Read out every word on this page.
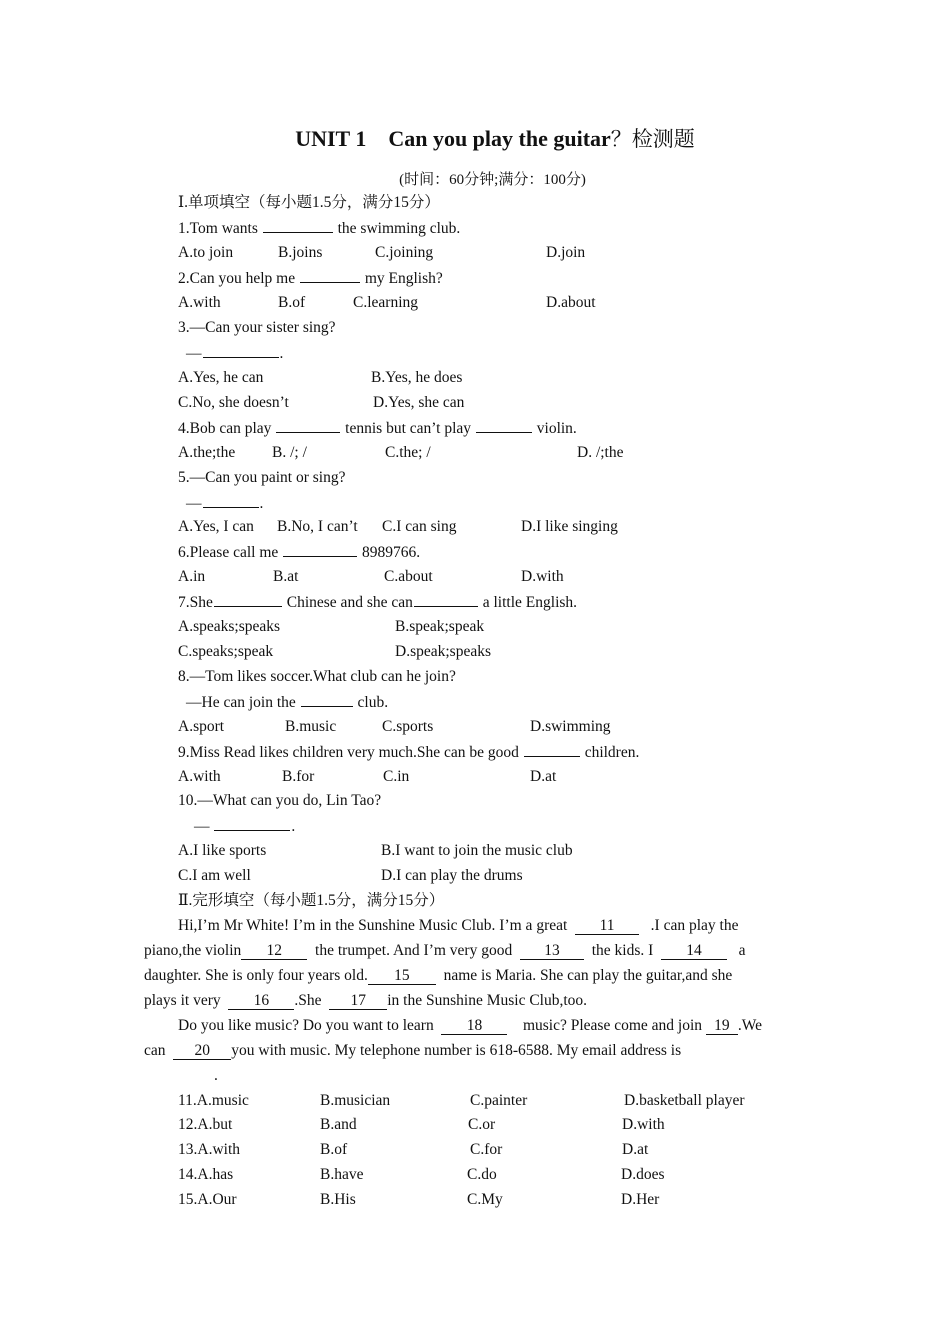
UNIT 1　Can you play the guitar？检测题
(时间：60分钟;满分：100分)
Ⅰ.单项填空（每小题1.5分，满分15分）
1.Tom wants	the swimming club.
A.to join	B.joins	C.joining	D.join
2.Can you help me	my English?
A.with	B.of	C.learning	D.about
3.—Can your sister sing?
—	.
A.Yes, he can	B.Yes, he does
C.No, she doesn’t	D.Yes, she can
4.Bob can play	tennis but can’t play	violin.
A.the;the B. /; /	C.the; /	D. /;the
5.—Can you paint or sing?
—	.
A.Yes, I can B.No, I can’t C.I can sing	D.I like singing
6.Please call me	8989766.
A.in	B.at	C.about	D.with
7.She	Chinese and she can	a little English.
A.speaks;speaks	B.speak;speak
C.speaks;speak	D.speak;speaks
8.—Tom likes soccer.What club can he join?
—He can join the	club.
A.sport	B.music	C.sports	D.swimming
9.Miss Read likes children very much.She can be good	children.
A.with	B.for	C.in	D.at
10.—What can you do, Lin Tao?
—	.
A.I like sports	B.I want to join the music club
C.I am well	D.I can play the drums
Ⅱ.完形填空（每小题1.5分，满分15分）
Hi,I’m Mr White! I’m in the Sunshine Music Club. I’m a great 11 .I can play the
piano,the violin 12 the trumpet. And I’m very good 13 the kids. I 14 a
daughter. She is only four years old. 15 name is Maria. She can play the guitar,and she
plays it very 16 .She 17 in the Sunshine Music Club,too.
Do you like music? Do you want to learn 18	music? Please come and join 19 .We
can 20 you with music. My telephone number is 618-6588. My email address is
.
11.A.music	B.musician	C.painter	D.basketball player
12.A.but	B.and	C.or	D.with
13.A.with	B.of	C.for	D.at
14.A.has	B.have	C.do	D.does
15.A.Our	B.His	C.My	D.Her
